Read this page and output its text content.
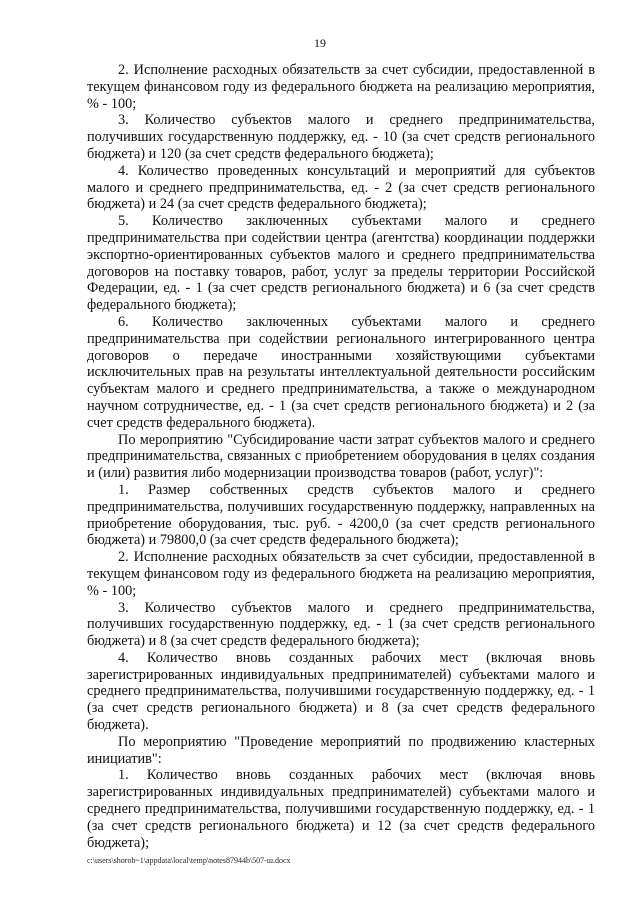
19

2. Исполнение расходных обязательств за счет субсидии, предоставленной в текущем финансовом году из федерального бюджета на реализацию мероприятия, % - 100;

3. Количество субъектов малого и среднего предпринимательства, получивших государственную поддержку, ед. - 10 (за счет средств регионального бюджета) и 120 (за счет средств федерального бюджета);

4. Количество проведенных консультаций и мероприятий для субъектов малого и среднего предпринимательства, ед. - 2 (за счет средств регионального бюджета) и 24 (за счет средств федерального бюджета);

5. Количество заключенных субъектами малого и среднего предпринимательства при содействии центра (агентства) координации поддержки экспортно-ориентированных субъектов малого и среднего предпринимательства договоров на поставку товаров, работ, услуг за пределы территории Российской Федерации, ед. - 1 (за счет средств регионального бюджета) и 6 (за счет средств федерального бюджета);

6. Количество заключенных субъектами малого и среднего предпринимательства при содействии регионального интегрированного центра договоров о передаче иностранными хозяйствующими субъектами исключительных прав на результаты интеллектуальной деятельности российским субъектам малого и среднего предпринимательства, а также о международном научном сотрудничестве, ед. - 1 (за счет средств регионального бюджета) и 2 (за счет средств федерального бюджета).

По мероприятию "Субсидирование части затрат субъектов малого и среднего предпринимательства, связанных с приобретением оборудования в целях создания и (или) развития либо модернизации производства товаров (работ, услуг)":

1. Размер собственных средств субъектов малого и среднего предпринимательства, получивших государственную поддержку, направленных на приобретение оборудования, тыс. руб. - 4200,0 (за счет средств регионального бюджета) и 79800,0 (за счет средств федерального бюджета);

2. Исполнение расходных обязательств за счет субсидии, предоставленной в текущем финансовом году из федерального бюджета на реализацию мероприятия, % - 100;

3. Количество субъектов малого и среднего предпринимательства, получивших государственную поддержку, ед. - 1 (за счет средств регионального бюджета) и 8 (за счет средств федерального бюджета);

4. Количество вновь созданных рабочих мест (включая вновь зарегистрированных индивидуальных предпринимателей) субъектами малого и среднего предпринимательства, получившими государственную поддержку, ед. - 1 (за счет средств регионального бюджета) и 8 (за счет средств федерального бюджета).

По мероприятию "Проведение мероприятий по продвижению кластерных инициатив":

1. Количество вновь созданных рабочих мест (включая вновь зарегистрированных индивидуальных предпринимателей) субъектами малого и среднего предпринимательства, получившими государственную поддержку, ед. - 1 (за счет средств регионального бюджета) и 12 (за счет средств федерального бюджета);

c:\users\shorob~1\appdata\local\temp\notes87944b\507-ш.docx
